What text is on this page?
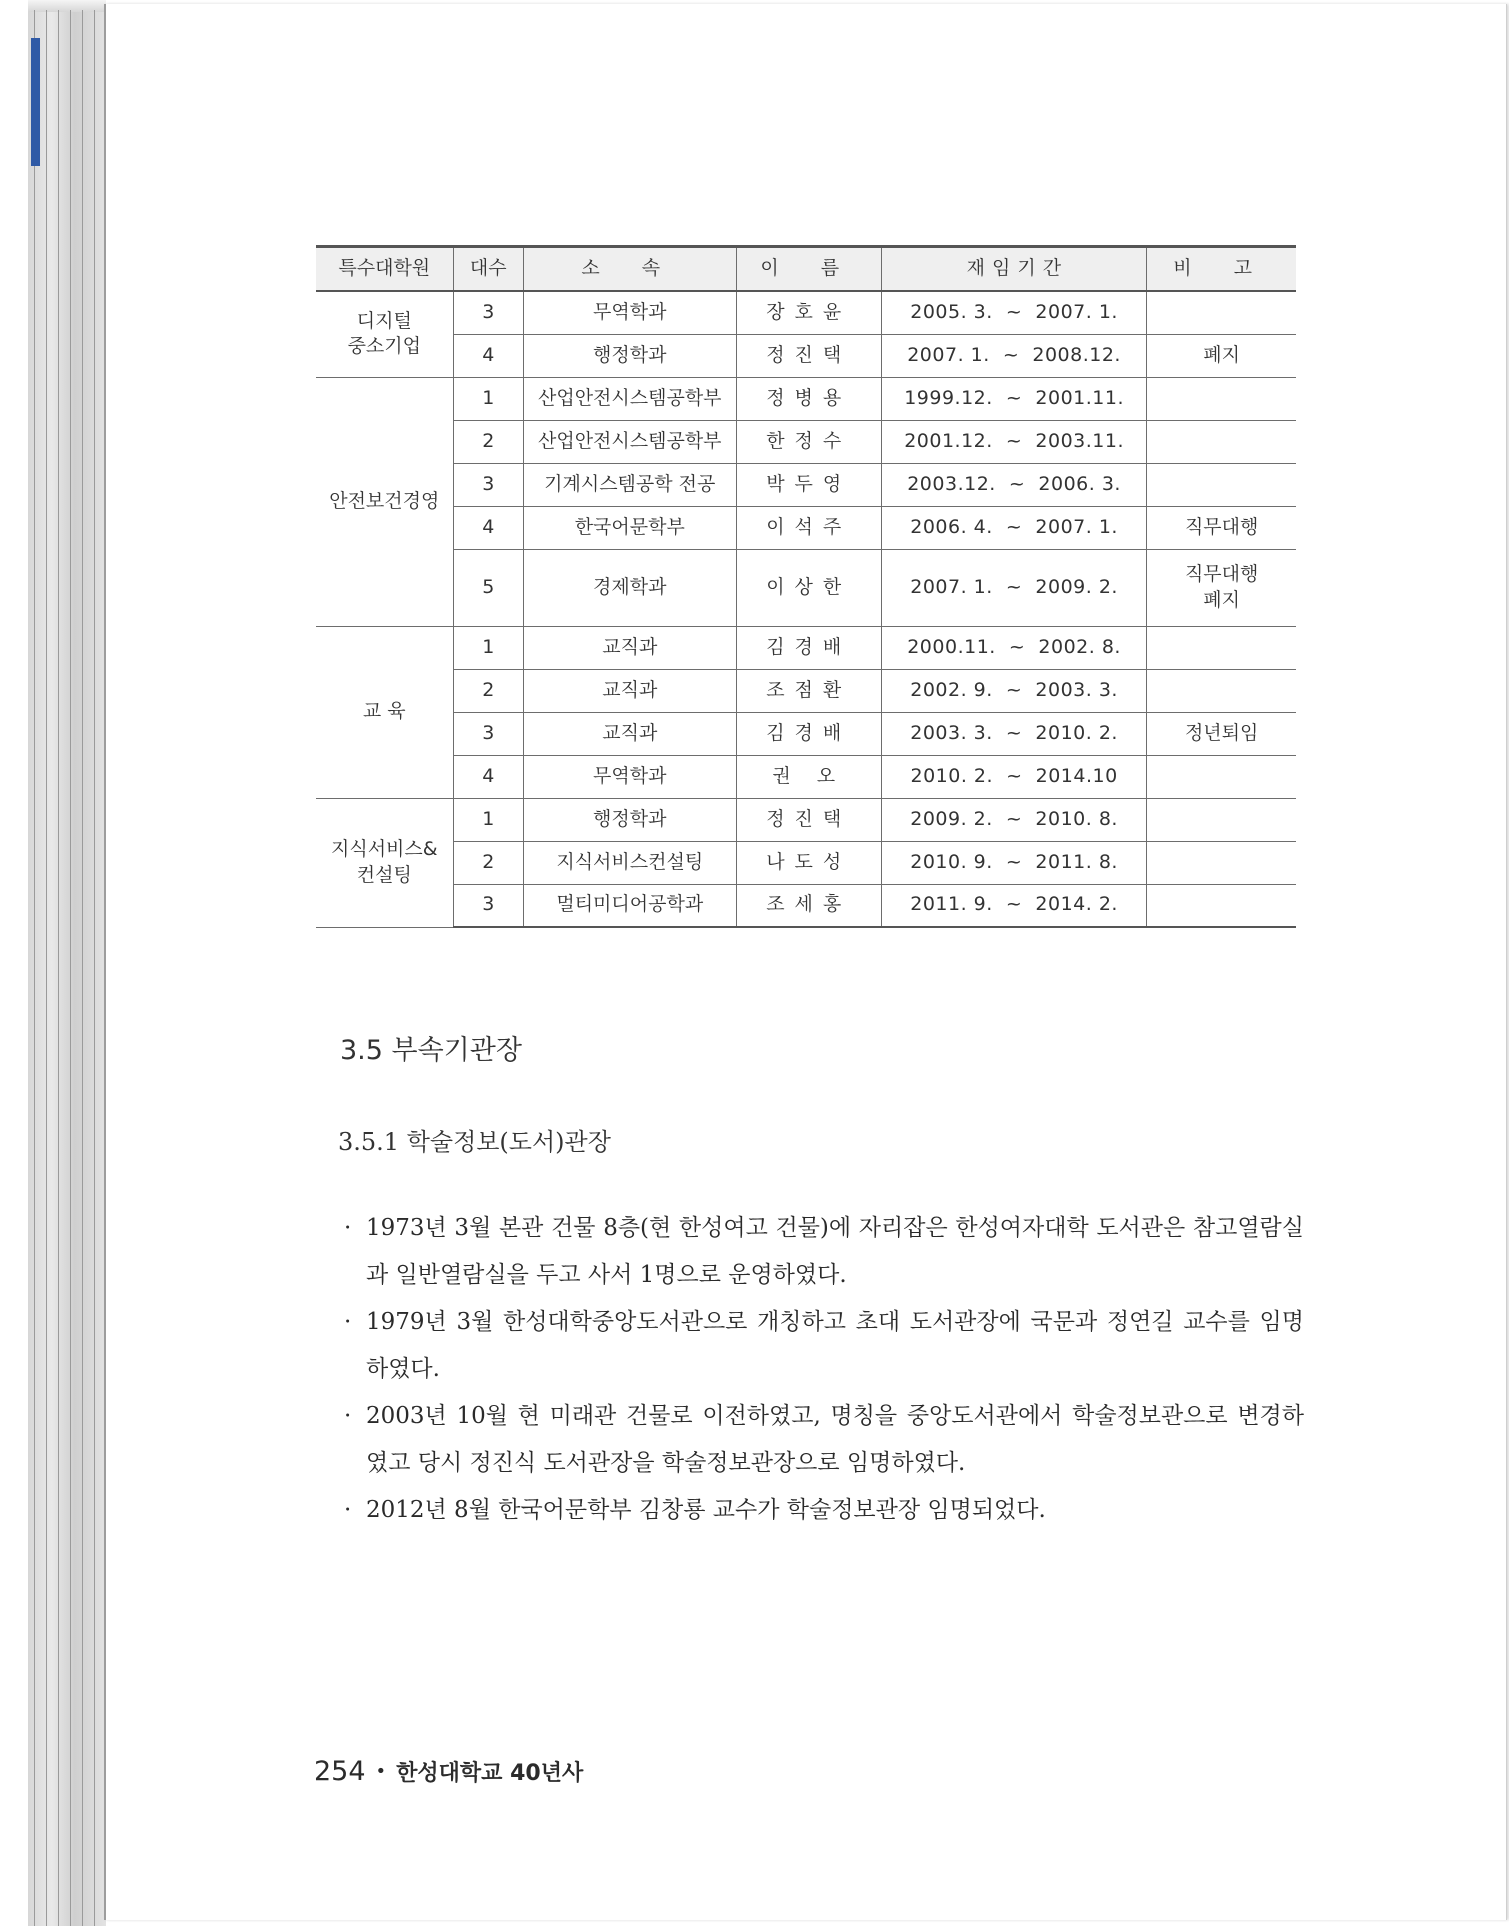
특수대학원	대수	소 속	이 름	재 임 기 간	비 고

디지털
중소기업	3	무역학과	장호윤	2005. 3.  ~  2007. 1.	

	4	행정학과	정진택	2007. 1.  ~  2008.12.	폐지

안전보건경영	1	산업안전시스템공학부	정병용	1999.12.  ~  2001.11.	

	2	산업안전시스템공학부	한정수	2001.12.  ~  2003.11.	

	3	기계시스템공학 전공	박두영	2003.12.  ~  2006. 3.	

	4	한국어문학부	이석주	2006. 4.  ~  2007. 1.	직무대행

	5	경제학과	이상한	2007. 1.  ~  2009. 2.	직무대행
폐지

교 육	1	교직과	김경배	2000.11.  ~  2002. 8.	

	2	교직과	조점환	2002. 9.  ~  2003. 3.	

	3	교직과	김경배	2003. 3.  ~  2010. 2.	정년퇴임

	4	무역학과	권 오	2010. 2.  ~  2014.10	

지식서비스&
컨설팅	1	행정학과	정진택	2009. 2.  ~  2010. 8.	

	2	지식서비스컨설팅	나도성	2010. 9.  ~  2011. 8.	

	3	멀티미디어공학과	조세홍	2011. 9.  ~  2014. 2.	

3.5 부속기관장
3.5.1 학술정보(도서)관장
· 1973년 3월 본관 건물 8층(현 한성여고 건물)에 자리잡은 한성여자대학 도서관은 참고열람실과 일반열람실을 두고 사서 1명으로 운영하였다.
· 1979년 3월 한성대학중앙도서관으로 개칭하고 초대 도서관장에 국문과 정연길 교수를 임명하였다.
· 2003년 10월 현 미래관 건물로 이전하였고, 명칭을 중앙도서관에서 학술정보관으로 변경하였고 당시 정진식 도서관장을 학술정보관장으로 임명하였다.
· 2012년 8월 한국어문학부 김창룡 교수가 학술정보관장 임명되었다.
254 • 한성대학교 40년사
